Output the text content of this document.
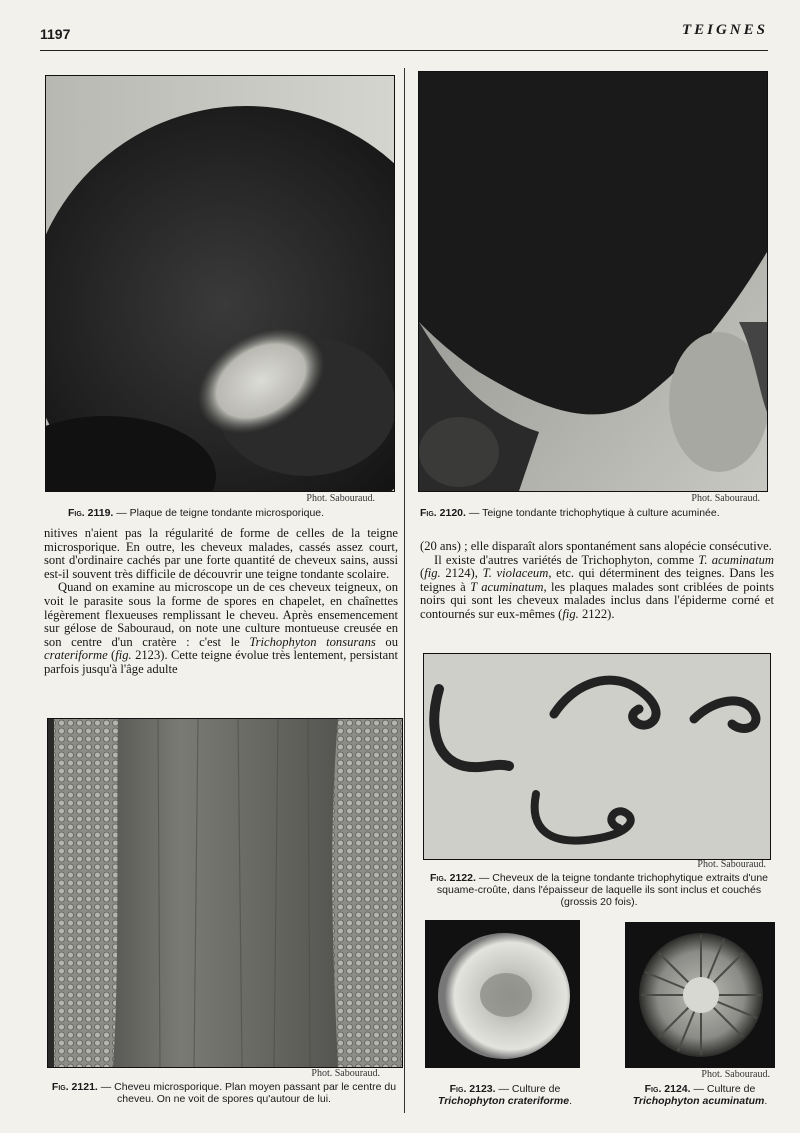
1197	TEIGNES
Phot. Sabouraud.
Fig. 2119. — Plaque de teigne tondante microsporique.
Phot. Sabouraud.
Fig. 2120. — Teigne tondante trichophytique à culture acuminée.

nitives n'aient pas la régularité de forme de celles de la teigne microsporique. En outre, les cheveux malades, cassés assez court, sont d'ordinaire cachés par une forte quantité de cheveux sains, aussi est-il souvent très difficile de découvrir une teigne tondante scolaire.

Quand on examine au microscope un de ces cheveux teigneux, on voit le parasite sous la forme de spores en chapelet, en chaînettes légèrement flexueuses remplissant le cheveu. Après ensemencement sur gélose de Sabouraud, on note une culture montueuse creusée en son centre d'un cratère : c'est le Trichophyton tonsurans ou crateriforme (fig. 2123). Cette teigne évolue très lentement, persistant parfois jusqu'à l'âge adulte

Phot. Sabouraud.
Fig. 2121. — Cheveu microsporique. Plan moyen passant par le centre du cheveu. On ne voit de spores qu'autour de lui.

(20 ans) ; elle disparaît alors spontanément sans alopécie consécutive.

Il existe d'autres variétés de Trichophyton, comme T. acuminatum (fig. 2124), T. violaceum, etc. qui déterminent des teignes. Dans les teignes à T acuminatum, les plaques malades sont criblées de points noirs qui sont les cheveux malades inclus dans l'épiderme corné et contournés sur eux-mêmes (fig. 2122).

Phot. Sabouraud.
Fig. 2122. — Cheveux de la teigne tondante trichophytique extraits d'une squame-croûte, dans l'épaisseur de laquelle ils sont inclus et couchés (grossis 20 fois).
Phot. Sabouraud.
Fig. 2123. — Culture de Trichophyton crateriforme.
Fig. 2124. — Culture de Trichophyton acuminatum.
